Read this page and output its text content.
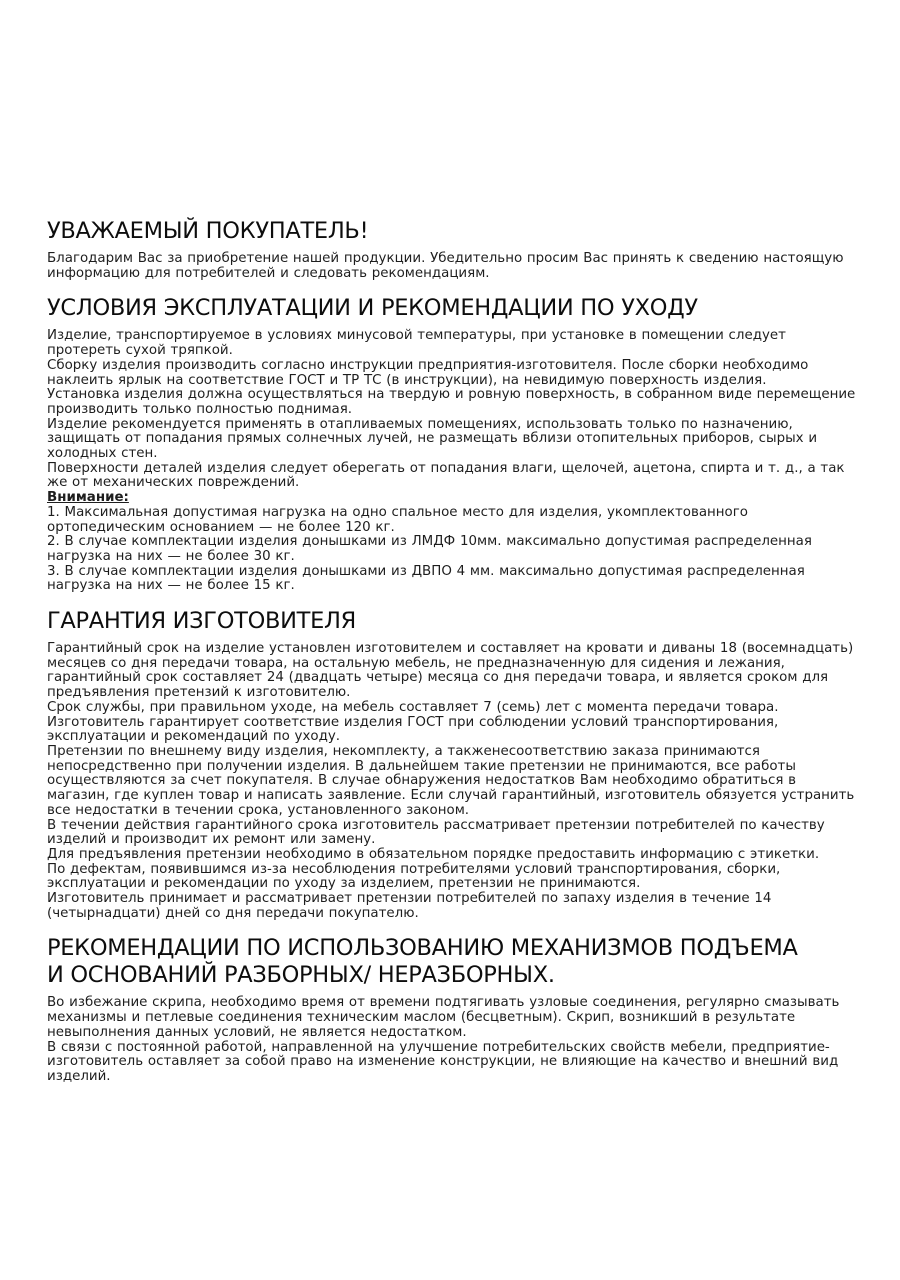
УВАЖАЕМЫЙ ПОКУПАТЕЛЬ!

Благодарим Вас за приобретение нашей продукции. Убедительно просим Вас принять к сведению настоящую информацию для потребителей и следовать рекомендациям.

УСЛОВИЯ ЭКСПЛУАТАЦИИ И РЕКОМЕНДАЦИИ ПО УХОДУ

Изделие, транспортируемое в условиях минусовой температуры, при установке в помещении следует протереть сухой тряпкой.

Сборку изделия производить согласно инструкции предприятия-изготовителя. После сборки необходимо наклеить ярлык на соответствие ГОСТ и ТР ТС (в инструкции), на невидимую поверхность изделия.

Установка изделия должна осуществляться на твердую и ровную поверхность, в собранном виде перемещение производить только полностью поднимая.

Изделие рекомендуется применять в отапливаемых помещениях, использовать только по назначению, защищать от попадания прямых солнечных лучей, не размещать вблизи отопительных приборов, сырых и холодных стен.

Поверхности деталей изделия следует оберегать от попадания влаги, щелочей, ацетона, спирта и т. д., а так же от механических повреждений.

Внимание:

1. Максимальная допустимая нагрузка на одно спальное место для изделия, укомплектованного ортопедическим основанием — не более 120 кг.

2. В случае комплектации изделия донышками из ЛМДФ 10мм. максимально допустимая распределенная нагрузка на них — не более 30 кг.

3. В случае комплектации изделия донышками из ДВПО 4 мм. максимально допустимая распределенная нагрузка на них — не более 15 кг.

ГАРАНТИЯ ИЗГОТОВИТЕЛЯ

Гарантийный срок на изделие установлен изготовителем и составляет на кровати и диваны 18 (восемнадцать) месяцев со дня передачи товара, на остальную мебель, не предназначенную для сидения и лежания, гарантийный срок составляет 24 (двадцать четыре) месяца со дня передачи товара, и является сроком для предъявления претензий к изготовителю.

Срок службы, при правильном уходе, на мебель составляет 7 (семь) лет с момента передачи товара.

Изготовитель гарантирует соответствие изделия ГОСТ при соблюдении условий транспортирования, эксплуатации и рекомендаций по уходу.

Претензии по внешнему виду изделия, некомплекту, а такженесоответствию заказа принимаются непосредственно при получении изделия. В дальнейшем такие претензии не принимаются, все работы осуществляются за счет покупателя. В случае обнаружения недостатков Вам необходимо обратиться в магазин, где куплен товар и написать заявление. Если случай гарантийный, изготовитель обязуется устранить все недостатки в течении срока, установленного законом.

В течении действия гарантийного срока изготовитель рассматривает претензии потребителей по качеству изделий и производит их ремонт или замену.

Для предъявления претензии необходимо в обязательном порядке предоставить информацию с этикетки.

По дефектам, появившимся из-за несоблюдения потребителями условий транспортирования, сборки, эксплуатации и рекомендации по уходу за изделием, претензии не принимаются.

Изготовитель принимает и рассматривает претензии потребителей по запаху изделия в течение 14 (четырнадцати) дней со дня передачи покупателю.

РЕКОМЕНДАЦИИ ПО ИСПОЛЬЗОВАНИЮ МЕХАНИЗМОВ ПОДЪЕМА
И ОСНОВАНИЙ РАЗБОРНЫХ/ НЕРАЗБОРНЫХ.

Во избежание скрипа, необходимо время от времени подтягивать узловые соединения, регулярно смазывать механизмы и петлевые соединения техническим маслом (бесцветным). Скрип, возникший в результате невыполнения данных условий, не является недостатком.

В связи с постоянной работой, направленной на улучшение потребительских свойств мебели, предприятие-изготовитель оставляет за собой право на изменение конструкции, не влияющие на качество и внешний вид изделий.
